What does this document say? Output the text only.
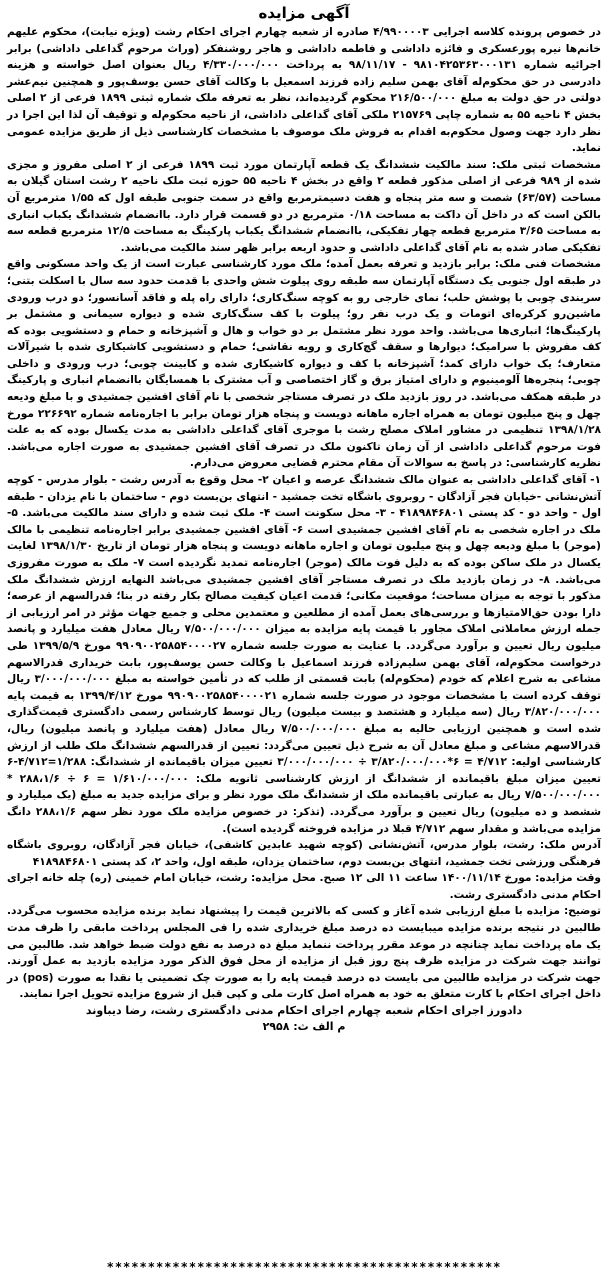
آگهی مزایده
در خصوص پرونده کلاسه اجرایی ۴/۹۹۰۰۰۰۳ صادره از شعبه چهارم اجرای احکام رشت (ویژه نیابت)، محکوم علیهم خانم‌ها نیره پورعسکری و فائزه داداشی و فاطمه داداشی و هاجر روشنفکر (وراث مرحوم گداعلی داداشی) برابر اجرائیه شماره ۹۸۱۰۴۲۵۳۶۳۰۰۰۱۳۱ - ۹۸/۱۱/۱۷ به پرداخت ۴/۳۳۰/۰۰۰/۰۰۰ ریال بعنوان اصل خواسته و هزینه دادرسی در حق محکوم‌له آقای بهمن سلیم زاده فرزند اسمعیل با وکالت آقای حسن یوسف‌پور و همچنین نیم‌عشر دولتی در حق دولت به مبلغ ۲۱۶/۵۰۰/۰۰۰ محکوم گردیده‌اند، نظر به تعرفه ملک شماره ثبتی ۱۸۹۹ فرعی از ۲ اصلی بخش ۴ ناحیه ۵۵ به شماره چاپی ۲۱۵۷۶۹ ملکی آقای گداعلی داداشی، از ناحیه محکوم‌له و توقیف آن لذا این اجرا در نظر دارد جهت وصول محکوم‌به اقدام به فروش ملک موصوف با مشخصات کارشناسی ذیل از طریق مزایده عمومی نماید.
مشخصات ثبتی ملک: سند مالکیت ششدانگ یک قطعه آپارتمان مورد ثبت ۱۸۹۹ فرعی از ۲ اصلی مفروز و مجزی شده از ۹۸۹ فرعی از اصلی مذکور قطعه ۲ واقع در بخش ۴ ناحیه ۵۵ حوزه ثبت ملک ناحیه ۲ رشت استان گیلان به مساحت (۶۳/۵۷) شصت و سه متر پنجاه و هفت دسیمترمربع واقع در سمت جنوبی طبقه اول که ۱/۵۵ مترمربع آن بالکن است که در داخل آن داکت به مساحت ۰/۱۸ مترمربع در دو قسمت قرار دارد. باانضمام ششدانگ یکباب انباری به مساحت ۳/۶۵ مترمربع قطعه چهار تفکیکی، باانضمام ششدانگ یکباب پارکینگ به مساحت ۱۲/۵ مترمربع قطعه سه تفکیکی صادر شده به نام آقای گداعلی داداشی و حدود اربعه برابر ظهر سند مالکیت می‌باشد.
مشخصات فنی ملک: برابر بازدید و تعرفه بعمل آمده؛ ملک مورد کارشناسی عبارت است از یک واحد مسکونی واقع در طبقه اول جنوبی یک دستگاه آپارتمان سه طبقه روی پیلوت شش واحدی با قدمت حدود سه سال با اسکلت بتنی؛ سربندی چوبی با پوشش حلب؛ نمای خارجی رو به کوچه سنگ‌کاری؛ دارای راه پله و فاقد آسانسور؛ دو درب ورودی ماشین‌رو کرکره‌ای اتومات و یک درب نفر رو؛ پیلوت با کف سنگ‌کاری شده و دیواره سیمانی و مشتمل بر پارکینگ‌ها؛ انباری‌ها می‌باشد. واحد مورد نظر مشتمل بر دو خواب و هال و آشپزخانه و حمام و دستشویی بوده که کف مفروش با سرامیک؛ دیوارها و سقف گچ‌کاری و رویه نقاشی؛ حمام و دستشویی کاشیکاری شده با شیرآلات متعارف؛ یک خواب دارای کمد؛ آشپزخانه با کف و دیواره کاشیکاری شده و کابینت چوبی؛ درب ورودی و داخلی چوبی؛ پنجره‌ها آلومینیوم و دارای امتیاز برق و گاز اختصاصی و آب مشترک با همسایگان باانضمام انباری و پارکینگ در طبقه همکف می‌باشد. در روز بازدید ملک در تصرف مستاجر شخصی با نام آقای افشین جمشیدی و با مبلغ ودیعه چهل و پنج میلیون تومان به همراه اجاره ماهانه دویست و پنجاه هزار تومان برابر با اجاره‌نامه شماره ۲۲۶۶۹۲ مورخ ۱۳۹۸/۱/۲۸ تنظیمی در مشاور املاک مصلح رشت با موجری آقای گداعلی داداشی به مدت یکسال بوده که به علت فوت مرحوم گداعلی داداشی از آن زمان تاکنون ملک در تصرف آقای افشین جمشیدی به صورت اجاره می‌باشد. نظریه کارشناسی: در پاسخ به سوالات آن مقام محترم قضایی معروض می‌دارم.
۱- آقای گداعلی داداشی به عنوان مالک ششدانگ عرصه و اعیان ۲- محل وقوع به آدرس رشت - بلوار مدرس - کوچه آتش‌نشانی -خیابان فجر آزادگان - روبروی باشگاه تخت جمشید - انتهای بن‌بست دوم - ساختمان با نام یزدان - طبقه اول - واحد دو - کد پستی ۴۱۸۹۸۴۶۸۰۱ - ۳- محل سکونت است ۴- ملک ثبت شده و دارای سند مالکیت می‌باشد. ۵- ملک در اجاره شخصی به نام آقای افشین جمشیدی است ۶- آقای افشین جمشیدی برابر اجاره‌نامه تنظیمی با مالک (موجر) با مبلغ ودیعه چهل و پنج میلیون تومان و اجاره ماهانه دویست و پنجاه هزار تومان از تاریخ ۱۳۹۸/۱/۳۰ لغایت یکسال در ملک ساکن بوده که به دلیل فوت مالک (موجر) اجاره‌نامه تمدید نگردیده است ۷- ملک به صورت مفروزی می‌باشد. ۸- در زمان بازدید ملک در تصرف مستاجر آقای افشین جمشیدی می‌باشد النهایه ارزش ششدانگ ملک مذکور با توجه به میزان مساحت؛ موقعیت مکانی؛ قدمت اعیان کیفیت مصالح بکار رفته در بنا؛ قدرالسهم از عرصه؛ دارا بودن حق‌الامتیازها و بررسی‌های بعمل آمده از مطلعین و معتمدین محلی و جمیع جهات مؤثر در امر ارزیابی از جمله ارزش معاملاتی املاک مجاور با قیمت پایه مزایده به میزان ۷/۵۰۰/۰۰۰/۰۰۰ ریال معادل هفت میلیارد و پانصد میلیون ریال تعیین و برآورد می‌گردد. با عنایت به صورت جلسه شماره ۹۹۰۹۰۰۲۵۸۵۴۰۰۰۰۲۷ مورخ ۱۳۹۹/۵/۹ طی درخواست محکوم‌له، آقای بهمن سلیم‌زاده فرزند اسماعیل با وکالت حسن یوسف‌پور، بابت خریداری قدرالاسهم مشاعی به شرح اعلام که خودم (محکوم‌له) بابت قسمتی از طلب که در تأمین خواسته به مبلغ ۳/۰۰۰/۰۰۰/۰۰۰ ریال توقف کرده است با مشخصات موجود در صورت جلسه شماره ۹۹۰۹۰۰۲۵۸۵۴۰۰۰۰۲۱ مورخ ۱۳۹۹/۴/۱۲ به قیمت پایه ۳/۸۲۰/۰۰۰/۰۰۰ ریال (سه میلیارد و هشتصد و بیست میلیون) ریال توسط کارشناس رسمی دادگستری قیمت‌گذاری شده است و همچنین ارزیابی حالیه به مبلغ ۷/۵۰۰/۰۰۰/۰۰۰ ریال معادل (هفت میلیارد و پانصد میلیون) ریال، قدرالاسهم مشاعی و مبلغ معادل آن به شرح ذیل تعیین می‌گردد: تعیین از قدرالسهم ششدانگ ملک طلب از ارزش کارشناسی اولیه: ۴/۷۱۲ = ۶*۳/۸۲۰/۰۰۰/۰۰۰ ÷ ۳/۰۰۰/۰۰۰/۰۰۰ تعیین میزان باقیمانده از ششدانگ: ۱/۲۸۸=۴/۷۱۲-۶ تعیین میزان مبلغ باقیمانده از ششدانگ از ارزش کارشناسی ثانویه ملک: ۱/۶۱۰/۰۰۰/۰۰۰ = ۶ ÷ ۲۸۸،۱/۶ * ۷/۵۰۰/۰۰۰/۰۰۰ ریال به عبارتی باقیمانده ملک از ششدانگ ملک مورد نظر و برای مزایده جدید به مبلغ (یک میلیارد و ششصد و ده میلیون) ریال تعیین و برآورد می‌گردد. (تذکر: در خصوص مزایده ملک مورد نظر سهم ۲۸۸،۱/۶ دانگ مزایده می‌باشد و مقدار سهم ۴/۷۱۲ قبلا در مزایده فروخته گردیده است).
آدرس ملک: رشت، بلوار مدرس، آتش‌نشانی (کوچه شهید عابدین کاشفی)، خیابان فجر آزادگان، روبروی باشگاه فرهنگی ورزشی تخت جمشید، انتهای بن‌بست دوم، ساختمان یزدان، طبقه اول، واحد ۲، کد پستی ۴۱۸۹۸۴۶۸۰۱
وقت مزایده: مورخ ۱۴۰۰/۱۱/۱۴ ساعت ۱۱ الی ۱۲ صبح. محل مزایده: رشت، خیابان امام خمینی (ره) چله خانه اجرای احکام مدنی دادگستری رشت.
توضیح: مزایده با مبلغ ارزیابی شده آغاز و کسی که بالاترین قیمت را پیشنهاد نماید برنده مزایده محسوب می‌گردد. طالبین در نتیجه برنده مزایده میبایست ده درصد مبلغ خریداری شده را فی المجلس پرداخت مابقی را ظرف مدت یک ماه پرداخت نماید چنانچه در موعد مقرر پرداخت ننماید مبلغ ده درصد به نفع دولت ضبط خواهد شد. طالبین می توانند جهت شرکت در مزایده ظرف پنج روز قبل از مزایده از محل فوق الذکر مورد مزایده بازدید به عمل آورند. جهت شرکت در مزایده طالبین می بایست ده درصد قیمت پایه را به صورت چک تضمینی یا نقدا به صورت (pos) در داخل اجرای احکام با کارت متعلق به خود به همراه اصل کارت ملی و کپی قبل از شروع مزایده تحویل اجرا نمایند.
دادورز اجرای احکام شعبه چهارم اجرای احکام مدنی دادگستری رشت، رضا دیباوند
م الف ث: ۲۹۵۸
************************************************
